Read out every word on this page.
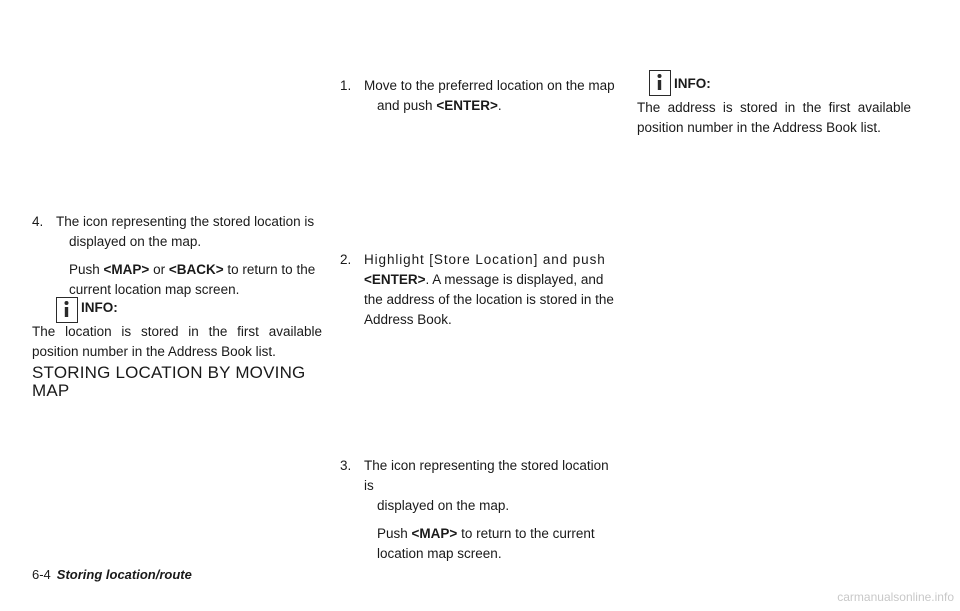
4. The icon representing the stored location is
displayed on the map.
Push <MAP> or <BACK> to return to the
current location map screen.
INFO:
The location is stored in the first available position number in the Address Book list.
STORING LOCATION BY MOVING MAP
1. Move to the preferred location on the map
and push <ENTER>.
2. Highlight [Store Location] and push
<ENTER>. A message is displayed, and
the address of the location is stored in the
Address Book.
3. The icon representing the stored location is
displayed on the map.
Push <MAP> to return to the current
location map screen.
INFO:
The address is stored in the first available position number in the Address Book list.
6-4 Storing location/route
carmanualsonline.info
